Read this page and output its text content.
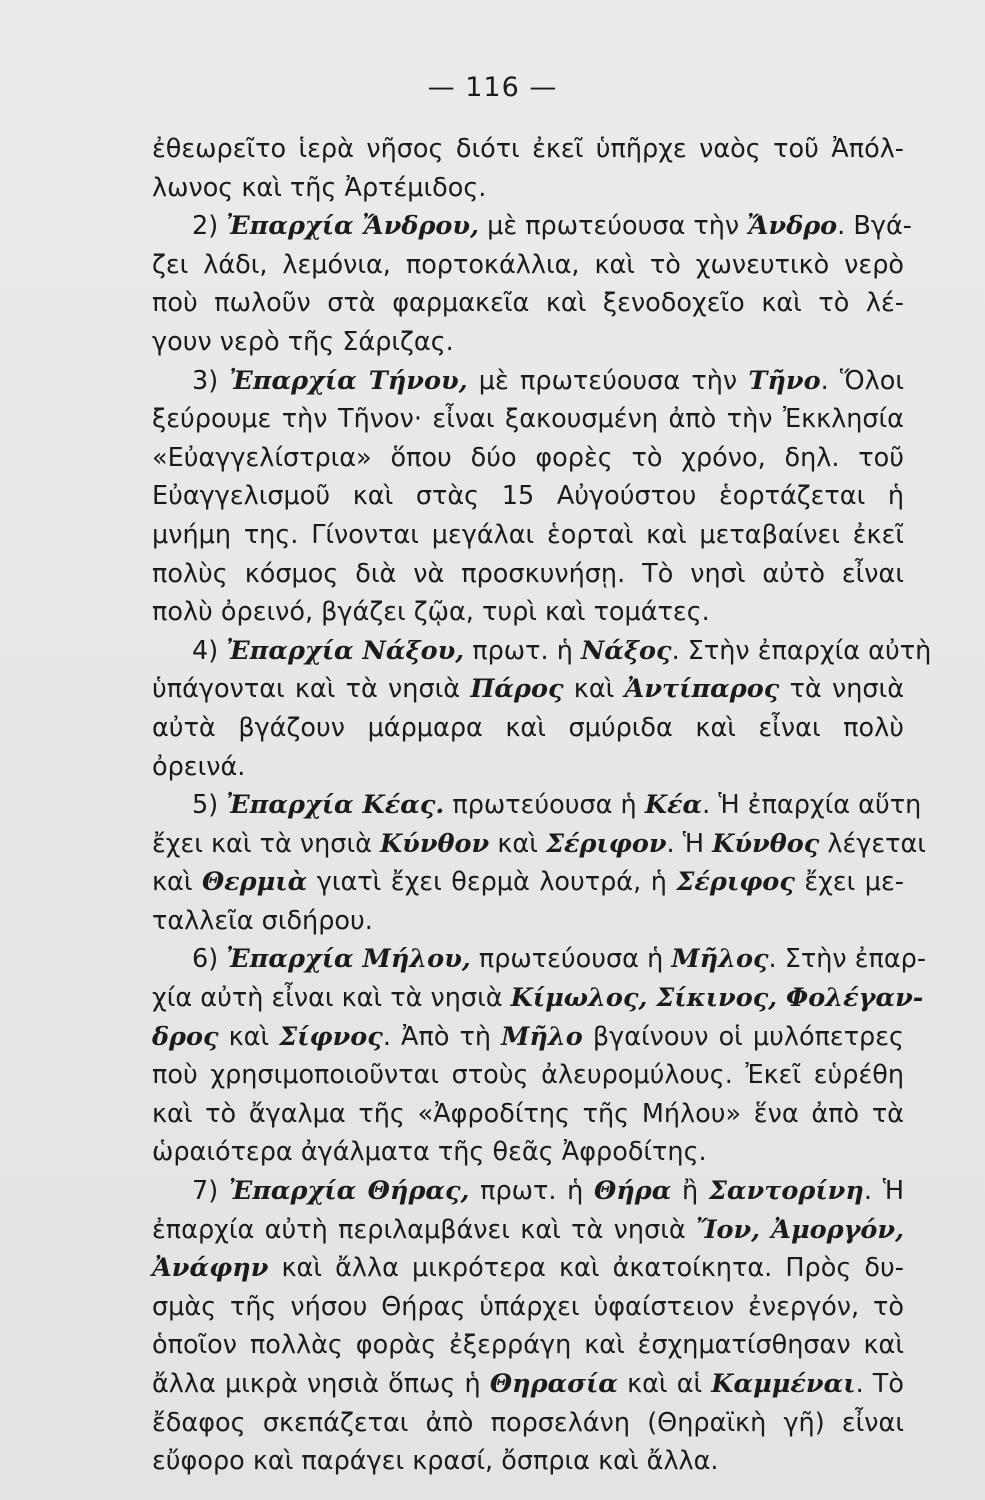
— 116 —
ἐθεωρεῖτο ἱερὰ νῆσος διότι ἐκεῖ ὑπῆρχε ναὸς τοῦ Ἀπόλ-
λωνος καὶ τῆς Ἀρτέμιδος.
2) Ἐπαρχία Ἄνδρου, μὲ πρωτεύουσα τὴν Ἄνδρο. Βγά-
ζει λάδι, λεμόνια, πορτοκάλλια, καὶ τὸ χωνευτικὸ νερὸ
ποὺ πωλοῦν στὰ φαρμακεῖα καὶ ξενοδοχεῖο καὶ τὸ λέ-
γουν νερὸ τῆς Σάριζας.
3) Ἐπαρχία Τήνου, μὲ πρωτεύουσα τὴν Τῆνο. Ὅλοι
ξεύρουμε τὴν Τῆνον· εἶναι ξακουσμένη ἀπὸ τὴν Ἐκκλησία
«Εὐαγγελίστρια» ὅπου δύο φορὲς τὸ χρόνο, δηλ. τοῦ
Εὐαγγελισμοῦ καὶ στὰς 15 Αὐγούστου ἑορτάζεται ἡ
μνήμη της. Γίνονται μεγάλαι ἑορταὶ καὶ μεταβαίνει ἐκεῖ
πολὺς κόσμος διὰ νὰ προσκυνήσῃ. Τὸ νησὶ αὐτὸ εἶναι
πολὺ ὀρεινό, βγάζει ζῷα, τυρὶ καὶ τομάτες.
4) Ἐπαρχία Νάξου, πρωτ. ἡ Νάξος. Στὴν ἐπαρχία αὐτὴ
ὑπάγονται καὶ τὰ νησιὰ Πάρος καὶ Ἀντίπαρος τὰ νησιὰ
αὐτὰ βγάζουν μάρμαρα καὶ σμύριδα καὶ εἶναι πολὺ
ὀρεινά.
5) Ἐπαρχία Κέας. πρωτεύουσα ἡ Κέα. Ἡ ἐπαρχία αὕτη
ἔχει καὶ τὰ νησιὰ Κύνθον καὶ Σέριφον. Ἡ Κύνθος λέγεται
καὶ Θερμιὰ γιατὶ ἔχει θερμὰ λουτρά, ἡ Σέριφος ἔχει με-
ταλλεῖα σιδήρου.
6) Ἐπαρχία Μήλου, πρωτεύουσα ἡ Μῆλος. Στὴν ἐπαρ-
χία αὐτὴ εἶναι καὶ τὰ νησιὰ Κίμωλος, Σίκινος, Φολέγαν-
δρος καὶ Σίφνος. Ἀπὸ τὴ Μῆλο βγαίνουν οἱ μυλόπετρες
ποὺ χρησιμοποιοῦνται στοὺς ἀλευρομύλους. Ἐκεῖ εὑρέθη
καὶ τὸ ἄγαλμα τῆς «Ἀφροδίτης τῆς Μήλου» ἕνα ἀπὸ τὰ
ὡραιότερα ἀγάλματα τῆς θεᾶς Ἀφροδίτης.
7) Ἐπαρχία Θήρας, πρωτ. ἡ Θήρα ἢ Σαντορίνη. Ἡ
ἐπαρχία αὐτὴ περιλαμβάνει καὶ τὰ νησιὰ Ἴον, Ἀμοργόν,
Ἀνάφην καὶ ἄλλα μικρότερα καὶ ἀκατοίκητα. Πρὸς δυ-
σμὰς τῆς νήσου Θήρας ὑπάρχει ὑφαίστειον ἐνεργόν, τὸ
ὁποῖον πολλὰς φορὰς ἐξερράγη καὶ ἐσχηματίσθησαν καὶ
ἄλλα μικρὰ νησιὰ ὅπως ἡ Θηρασία καὶ αἱ Καμμέναι. Τὸ
ἔδαφος σκεπάζεται ἀπὸ πορσελάνη (Θηραϊκὴ γῆ) εἶναι
εὔφορο καὶ παράγει κρασί, ὄσπρια καὶ ἄλλα.
